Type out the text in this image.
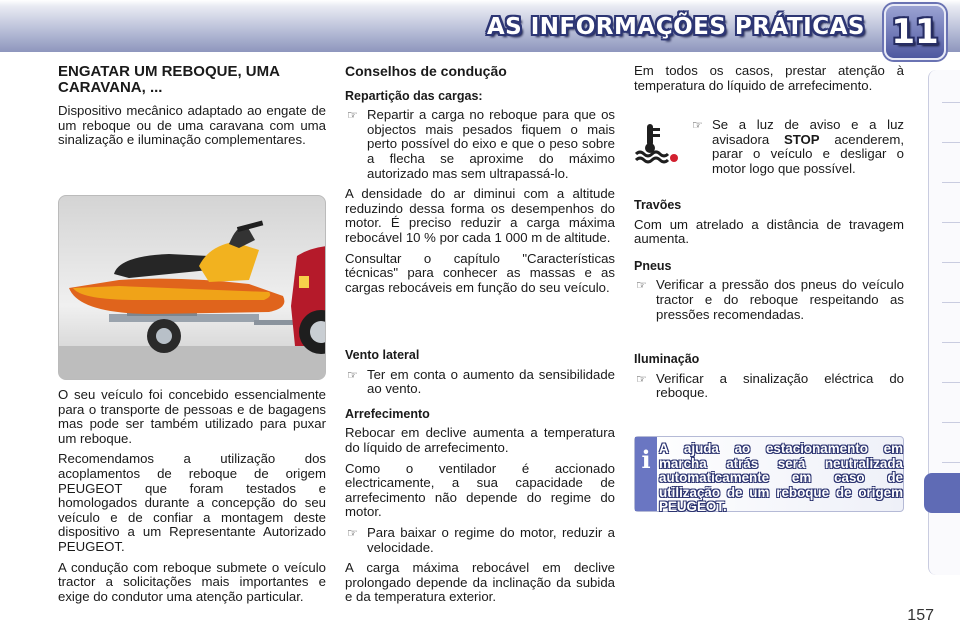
AS INFORMAÇÕES PRÁTICAS 11
ENGATAR UM REBOQUE, UMA CARAVANA, ...

Dispositivo mecânico adaptado ao engate de um reboque ou de uma caravana com uma sinalização e iluminação complementares.

O seu veículo foi concebido essencialmente para o transporte de pessoas e de bagagens mas pode ser também utilizado para puxar um reboque.

Recomendamos a utilização dos acoplamentos de reboque de origem PEUGEOT que foram testados e homologados durante a concepção do seu veículo e de confiar a montagem deste dispositivo a um Representante Autorizado PEUGEOT.

A condução com reboque submete o veículo tractor a solicitações mais importantes e exige do condutor uma atenção particular.

Conselhos de condução
Repartição das cargas:
☞ Repartir a carga no reboque para que os objectos mais pesados fiquem o mais perto possível do eixo e que o peso sobre a flecha se aproxime do máximo autorizado mas sem ultrapassá-lo.

A densidade do ar diminui com a altitude reduzindo dessa forma os desempenhos do motor. É preciso reduzir a carga máxima rebocável 10 % por cada 1 000 m de altitude.

Consultar o capítulo "Características técnicas" para conhecer as massas e as cargas rebocáveis em função do seu veículo.

Vento lateral
☞ Ter em conta o aumento da sensibilidade ao vento.
Arrefecimento

Rebocar em declive aumenta a temperatura do líquido de arrefecimento.

Como o ventilador é accionado electricamente, a sua capacidade de arrefecimento não depende do regime do motor.

☞ Para baixar o regime do motor, reduzir a velocidade.

A carga máxima rebocável em declive prolongado depende da inclinação da subida e da temperatura exterior.

Em todos os casos, prestar atenção à temperatura do líquido de arrefecimento.

☞ Se a luz de aviso e a luz avisadora STOP acenderem, parar o veículo e desligar o motor logo que possível.
Travões

Com um atrelado a distância de travagem aumenta.

Pneus
☞ Verificar a pressão dos pneus do veículo tractor e do reboque respeitando as pressões recomendadas.
Iluminação
☞ Verificar a sinalização eléctrica do reboque.
i A ajuda ao estacionamento em marcha atrás será neutralizada automaticamente em caso de utilização de um reboque de origem PEUGEOT.
157
